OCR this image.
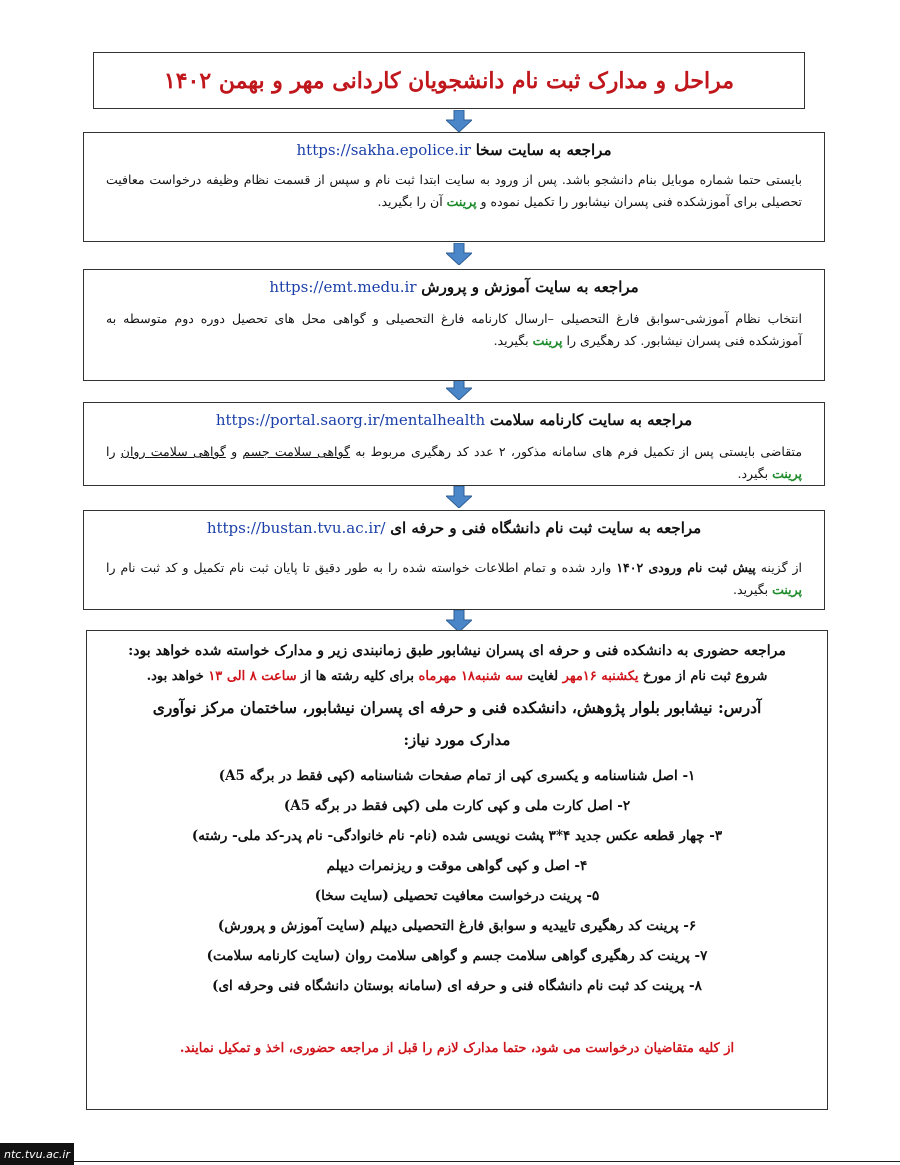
مراحل و مدارک ثبت نام دانشجویان کاردانی مهر و بهمن ۱۴۰۲
مراجعه به سایت سخا https://sakha.epolice.ir
بایستی حتما شماره موبایل بنام دانشجو باشد. پس از ورود به سایت ابتدا ثبت نام و سپس از قسمت نظام وظیفه درخواست معافیت تحصیلی برای آموزشکده فنی پسران نیشابور را تکمیل نموده و پرینت آن را بگیرید.
مراجعه به سایت آموزش و پرورش https://emt.medu.ir
انتخاب نظام آموزشی-سوابق فارغ التحصیلی –ارسال کارنامه فارغ التحصیلی و گواهی محل های تحصیل دوره دوم متوسطه به آموزشکده فنی پسران نیشابور. کد رهگیری را پرینت بگیرید.
مراجعه به سایت کارنامه سلامت https://portal.saorg.ir/mentalhealth
متقاضی بایستی پس از تکمیل فرم های سامانه مذکور، ۲ عدد کد رهگیری مربوط به گواهی سلامت جسم و گواهی سلامت روان را پرینت بگیرد.
مراجعه به سایت ثبت نام دانشگاه فنی و حرفه ای https://bustan.tvu.ac.ir/
از گزینه پیش ثبت نام ورودی ۱۴۰۲ وارد شده و تمام اطلاعات خواسته شده را به طور دقیق تا پایان ثبت نام تکمیل و کد ثبت نام را پرینت بگیرید.

مراجعه حضوری به دانشکده فنی و حرفه ای پسران نیشابور طبق زمانبندی زیر و مدارک خواسته شده خواهد بود:

شروع ثبت نام از مورخ یکشنبه ۱۶مهر لغایت سه شنبه۱۸ مهرماه برای کلیه رشته ها از ساعت ۸ الی ۱۳ خواهد بود.

آدرس: نیشابور بلوار پژوهش، دانشکده فنی و حرفه ای پسران نیشابور، ساختمان مرکز نوآوری

مدارک مورد نیاز:

۱- اصل شناسنامه و یکسری کپی از تمام صفحات شناسنامه (کپی فقط در برگه A5)
۲- اصل کارت ملی و کپی کارت ملی (کپی فقط در برگه A5)
۳- چهار قطعه عکس جدید ۴*۳ پشت نویسی شده (نام- نام خانوادگی- نام پدر-کد ملی- رشته)
۴- اصل و کپی گواهی موقت و ریزنمرات دیپلم
۵- پرینت درخواست معافیت تحصیلی (سایت سخا)
۶- پرینت کد رهگیری تاییدیه و سوابق فارغ التحصیلی دیپلم (سایت آموزش و پرورش)
۷- پرینت کد رهگیری گواهی سلامت جسم و گواهی سلامت روان (سایت کارنامه سلامت)
۸- پرینت کد ثبت نام دانشگاه فنی و حرفه ای (سامانه بوستان دانشگاه فنی وحرفه ای)

از کلیه متقاضیان درخواست می شود، حتما مدارک لازم را قبل از مراجعه حضوری، اخذ و تمکیل نمایند.

ntc.tvu.ac.ir
